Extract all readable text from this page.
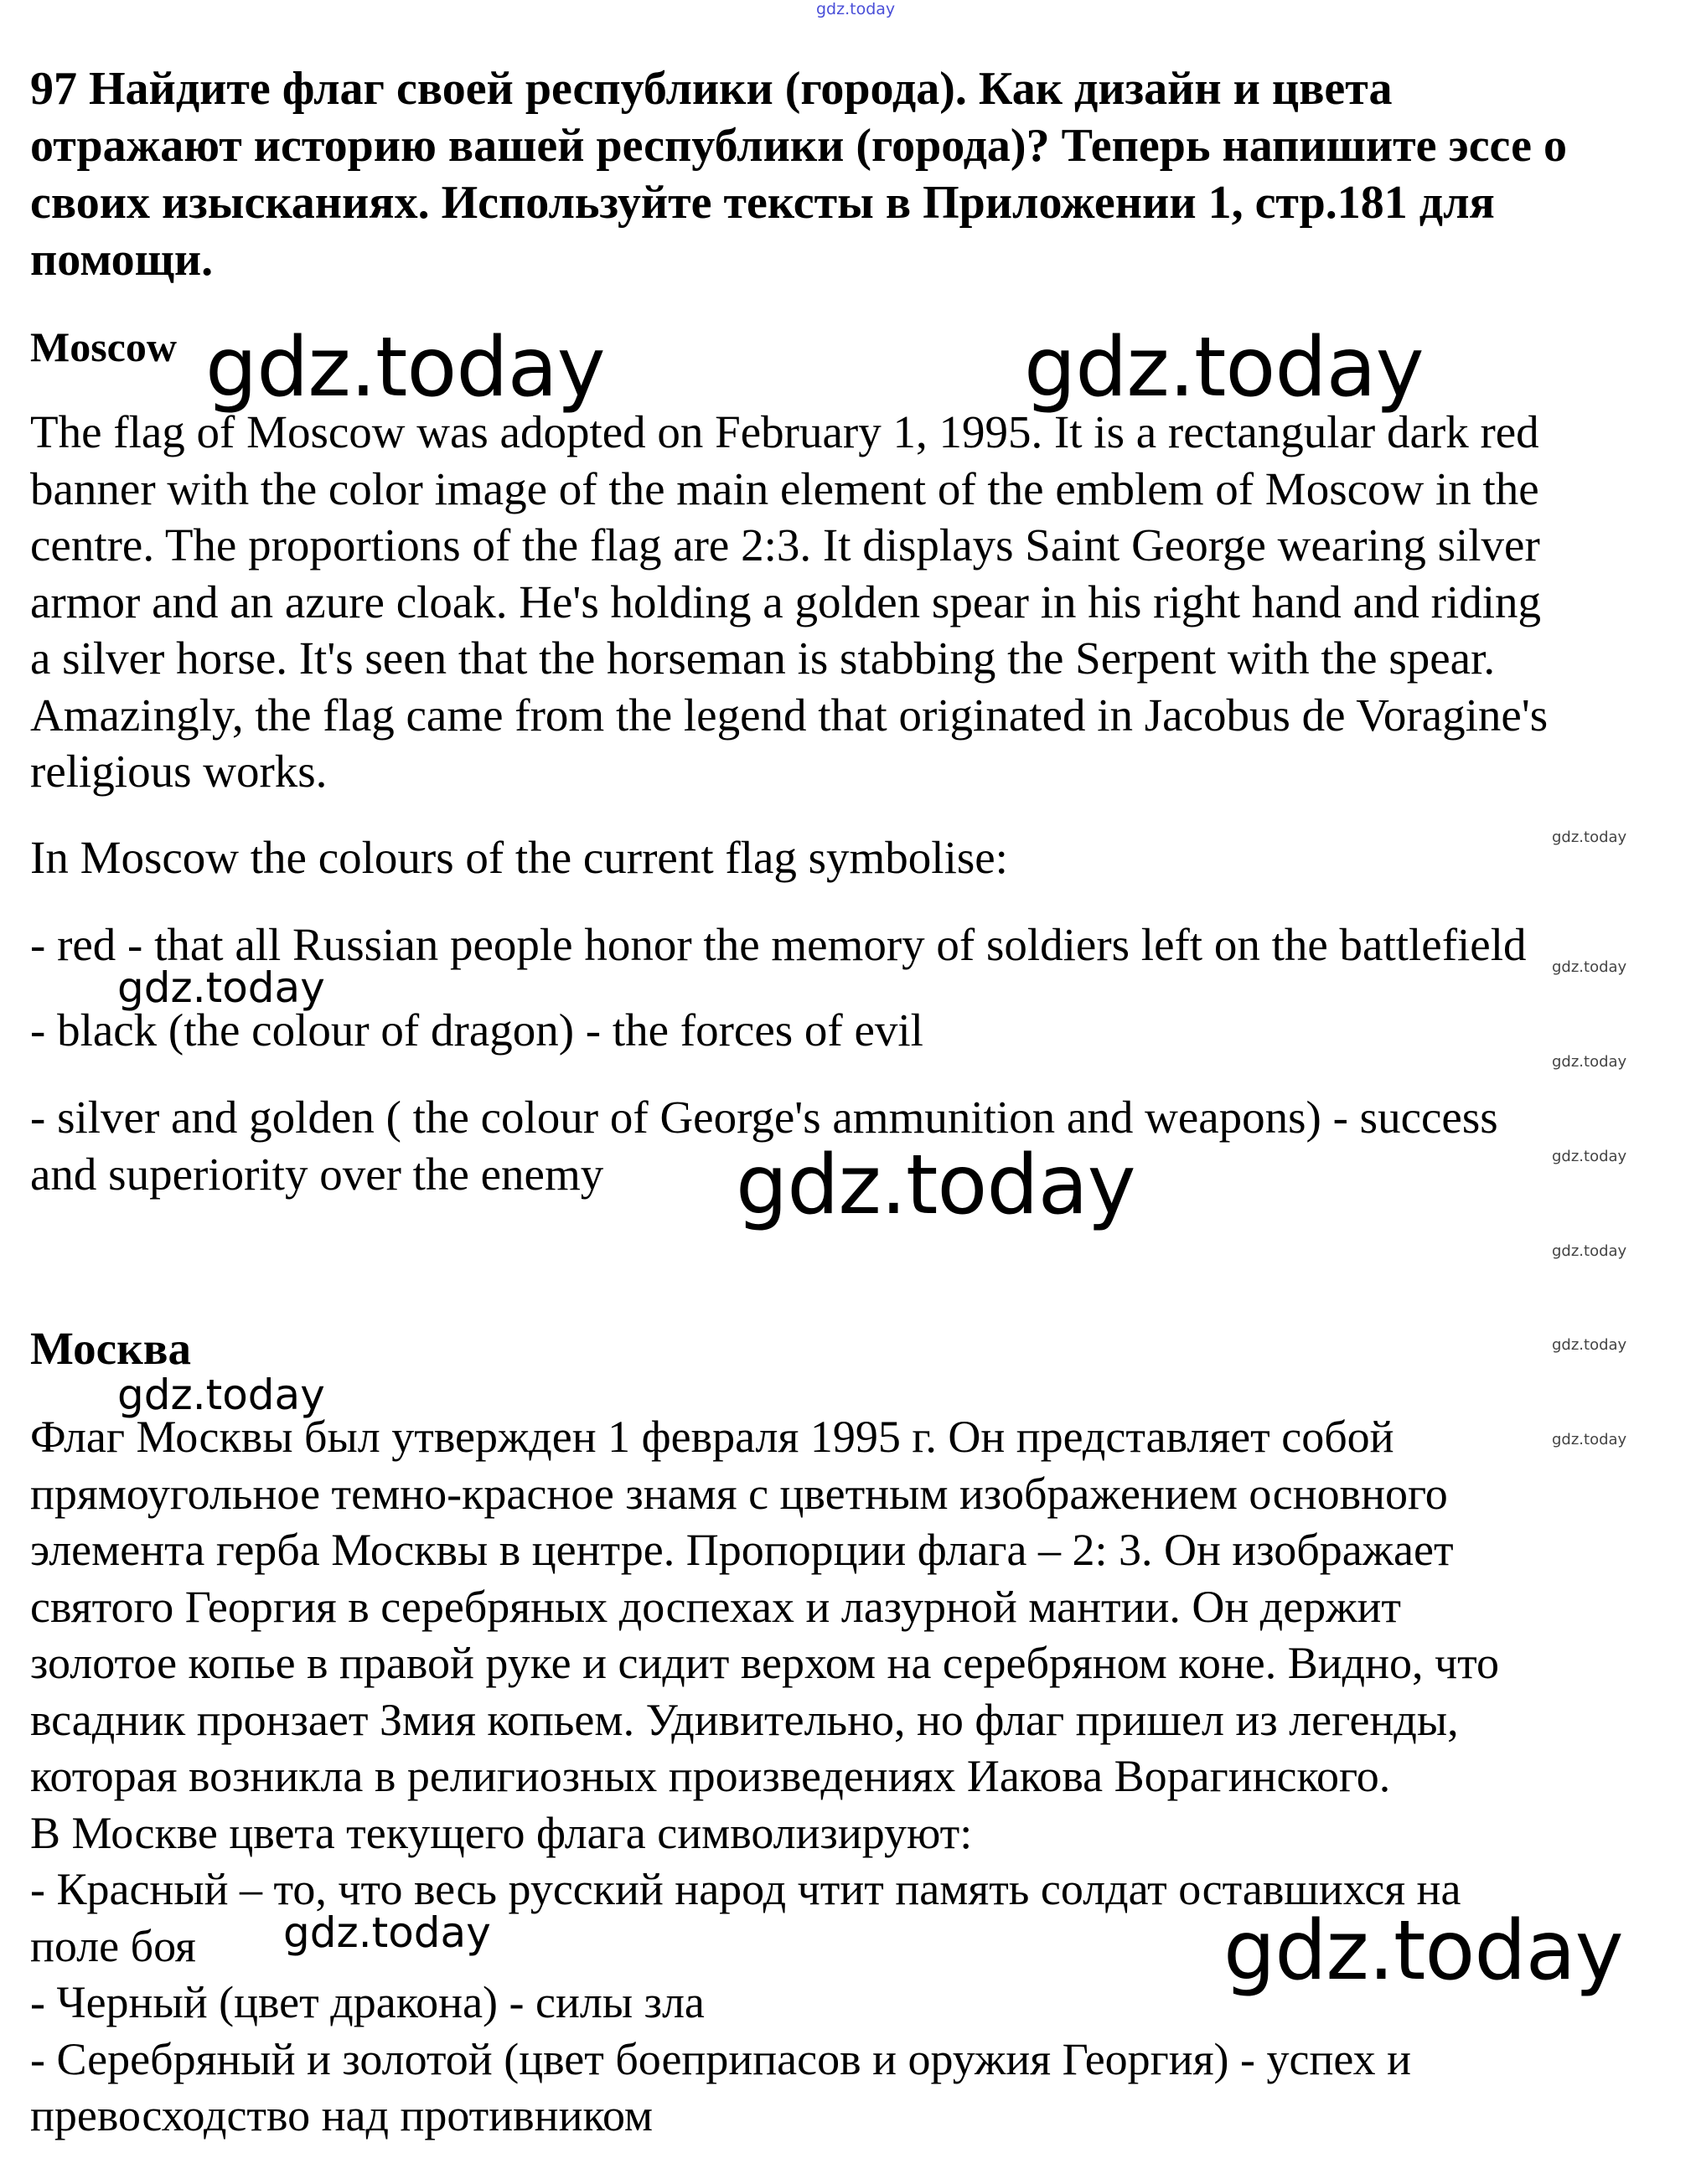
gdz.today
97 Найдите флаг своей республики (города). Как дизайн и цвета
отражают историю вашей республики (города)? Теперь напишите эссе о
своих изысканиях. Используйте тексты в Приложении 1, стр.181 для
помощи.
Moscow gdz.today	gdz.today
The flag of Moscow was adopted on February 1, 1995. It is a rectangular dark red
banner with the color image of the main element of the emblem of Moscow in the
centre. The proportions of the flag are 2:3. It displays Saint George wearing silver
armor and an azure cloak. He's holding a golden spear in his right hand and riding
a silver horse. It's seen that the horseman is stabbing the Serpent with the spear.
Amazingly, the flag came from the legend that originated in Jacobus de Voragine's
religious works.
In Moscow the colours of the current flag symbolise:
- red - that all Russian people honor the memory of soldiers left on the battlefield
gdz.today
- black (the colour of dragon) - the forces of evil
- silver and golden ( the colour of George's ammunition and weapons) - success
and superiority over the enemy	gdz.today
gdz.today
gdz.today
gdz.today
gdz.today
gdz.today
gdz.today
gdz.today
Москва
gdz.today
Флаг Москвы был утвержден 1 февраля 1995 г. Он представляет собой
прямоугольное темно-красное знамя с цветным изображением основного
элемента герба Москвы в центре. Пропорции флага – 2: 3. Он изображает
святого Георгия в серебряных доспехах и лазурной мантии. Он держит
золотое копье в правой руке и сидит верхом на серебряном коне. Видно, что
всадник пронзает Змия копьем. Удивительно, но флаг пришел из легенды,
которая возникла в религиозных произведениях Иакова Ворагинского.
В Москве цвета текущего флага символизируют:
- Красный – то, что весь русский народ чтит память солдат оставшихся на
поле боя
- Черный (цвет дракона) - силы зла
- Серебряный и золотой (цвет боеприпасов и оружия Георгия) - успех и
превосходство над противником
gdz.today	gdz.today
